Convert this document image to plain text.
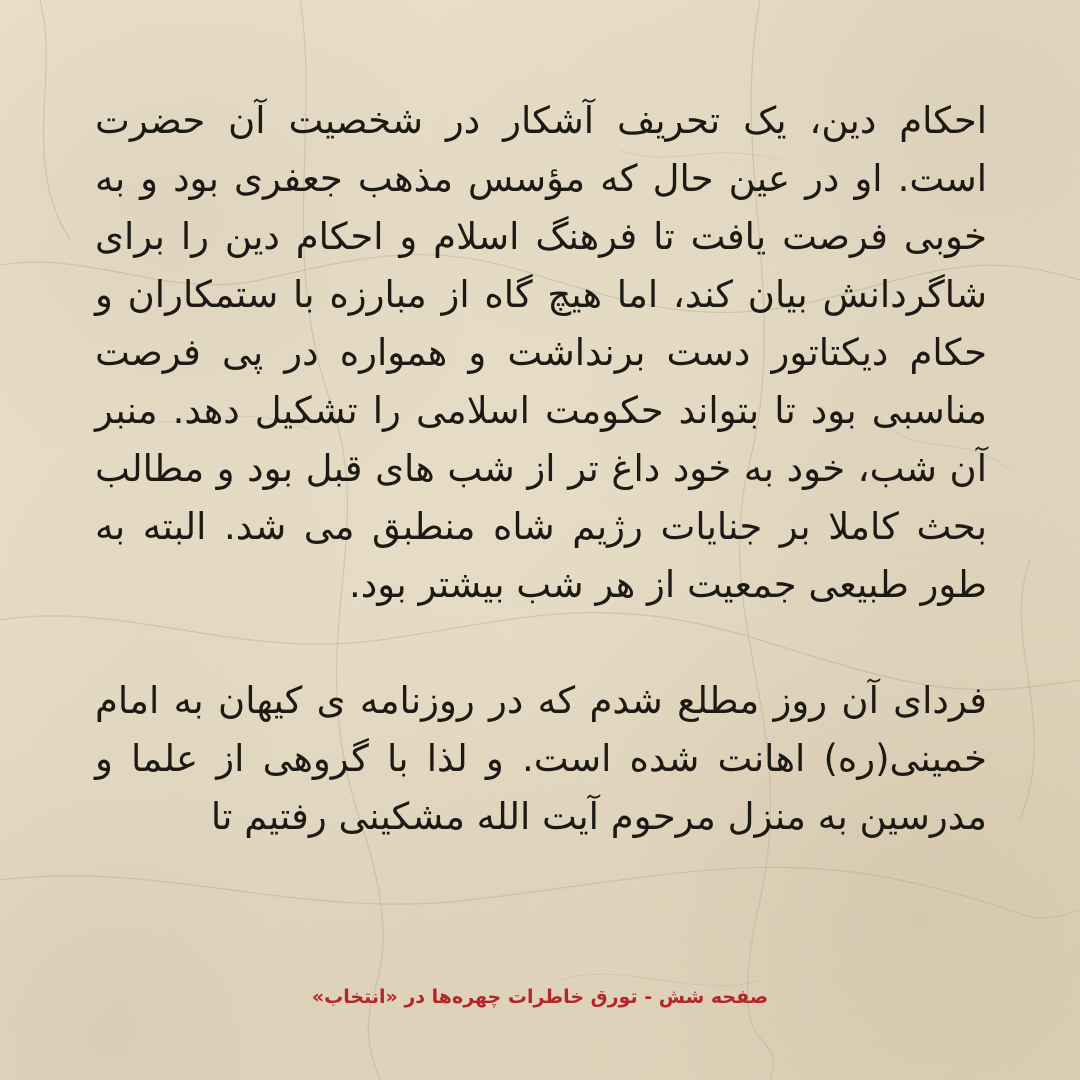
احکام دین، یک تحریف آشکار در شخصیت آن حضرت است. او در عین حال که مؤسس مذهب جعفری بود و به خوبی فرصت یافت تا فرهنگ اسلام و احکام دین را برای شاگردانش بیان کند، اما هیچ گاه از مبارزه با ستمکاران و حکام دیکتاتور دست برنداشت و همواره در پی فرصت مناسبی بود تا بتواند حکومت اسلامی را تشکیل دهد. منبر آن شب، خود به خود داغ تر از شب های قبل بود و مطالب بحث کاملا بر جنایات رژیم شاه منطبق می شد. البته به طور طبیعی جمعیت از هر شب بیشتر بود.

فردای آن روز مطلع شدم که در روزنامه ی کیهان به امام خمینی(ره) اهانت شده است. و لذا با گروهی از علما و مدرسین به منزل مرحوم آیت الله مشکینی رفتیم تا

صفحه شش - تورق خاطرات چهره‌ها در «انتخاب»
